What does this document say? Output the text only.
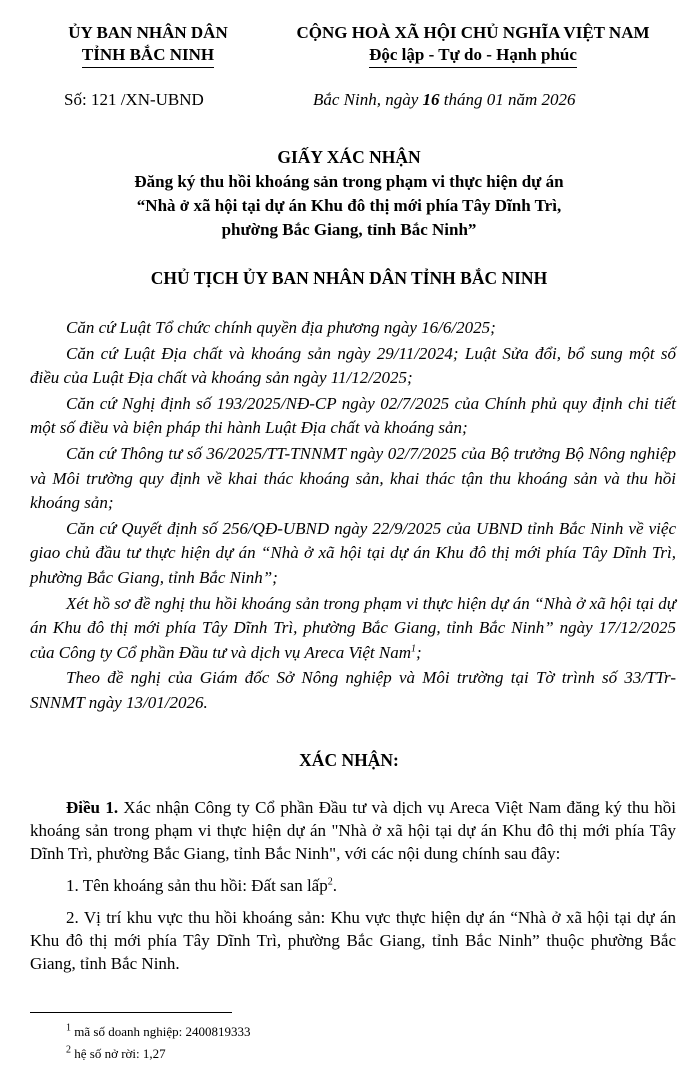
ỦY BAN NHÂN DÂN
TỈNH BẮC NINH
CỘNG HOÀ XÃ HỘI CHỦ NGHĨA VIỆT NAM
Độc lập - Tự do - Hạnh phúc
Số: 121 /XN-UBND	Bắc Ninh, ngày 16 tháng 01 năm 2026
GIẤY XÁC NHẬN
Đăng ký thu hồi khoáng sản trong phạm vi thực hiện dự án
“Nhà ở xã hội tại dự án Khu đô thị mới phía Tây Dĩnh Trì,
phường Bắc Giang, tỉnh Bắc Ninh”
CHỦ TỊCH ỦY BAN NHÂN DÂN TỈNH BẮC NINH

Căn cứ Luật Tổ chức chính quyền địa phương ngày 16/6/2025;

Căn cứ Luật Địa chất và khoáng sản ngày 29/11/2024; Luật Sửa đổi, bổ sung một số điều của Luật Địa chất và khoáng sản ngày 11/12/2025;

Căn cứ Nghị định số 193/2025/NĐ-CP ngày 02/7/2025 của Chính phủ quy định chi tiết một số điều và biện pháp thi hành Luật Địa chất và khoáng sản;

Căn cứ Thông tư số 36/2025/TT-TNNMT ngày 02/7/2025 của Bộ trưởng Bộ Nông nghiệp và Môi trường quy định về khai thác khoáng sản, khai thác tận thu khoáng sản và thu hồi khoáng sản;

Căn cứ Quyết định số 256/QĐ-UBND ngày 22/9/2025 của UBND tỉnh Bắc Ninh về việc giao chủ đầu tư thực hiện dự án “Nhà ở xã hội tại dự án Khu đô thị mới phía Tây Dĩnh Trì, phường Bắc Giang, tỉnh Bắc Ninh”;

Xét hồ sơ đề nghị thu hồi khoáng sản trong phạm vi thực hiện dự án “Nhà ở xã hội tại dự án Khu đô thị mới phía Tây Dĩnh Trì, phường Bắc Giang, tỉnh Bắc Ninh” ngày 17/12/2025 của Công ty Cổ phần Đầu tư và dịch vụ Areca Việt Nam$^1$;

Theo đề nghị của Giám đốc Sở Nông nghiệp và Môi trường tại Tờ trình số 33/TTr-SNNMT ngày 13/01/2026.

XÁC NHẬN:

Điều 1. Xác nhận Công ty Cổ phần Đầu tư và dịch vụ Areca Việt Nam đăng ký thu hồi khoáng sản trong phạm vi thực hiện dự án "Nhà ở xã hội tại dự án Khu đô thị mới phía Tây Dĩnh Trì, phường Bắc Giang, tỉnh Bắc Ninh", với các nội dung chính sau đây:

1. Tên khoáng sản thu hồi: Đất san lấp$^2$.

2. Vị trí khu vực thu hồi khoáng sản: Khu vực thực hiện dự án “Nhà ở xã hội tại dự án Khu đô thị mới phía Tây Dĩnh Trì, phường Bắc Giang, tỉnh Bắc Ninh” thuộc phường Bắc Giang, tỉnh Bắc Ninh.

$^1$ mã số doanh nghiệp: 2400819333
$^2$ hệ số nở rời: 1,27
